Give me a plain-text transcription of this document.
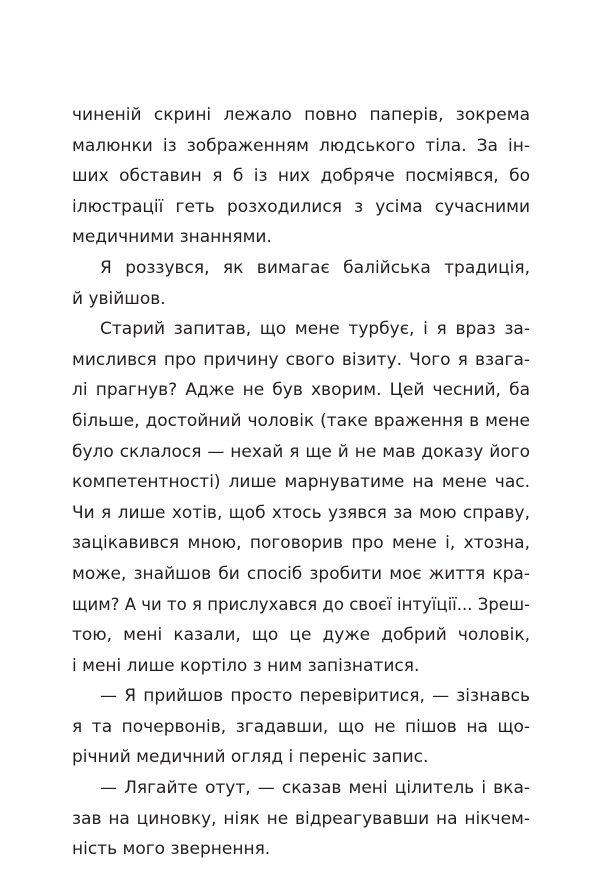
чиненій скрині лежало повно паперів, зокрема
малюнки із зображенням людського тіла. За ін-
ших обставин я б із них добряче посміявся, бо
ілюстрації геть розходилися з усіма сучасними
медичними знаннями.
Я роззувся, як вимагає балійська традиція,
й увійшов.
Старий запитав, що мене турбує, і я враз за-
мислився про причину свого візиту. Чого я взага-
лі прагнув? Адже не був хворим. Цей чесний, ба
більше, достойний чоловік (таке враження в мене
було склалося — нехай я ще й не мав доказу його
компетентності) лише марнуватиме на мене час.
Чи я лише хотів, щоб хтось узявся за мою справу,
зацікавився мною, поговорив про мене і, хтозна,
може, знайшов би спосіб зробити моє життя кра-
щим? А чи то я прислухався до своєї інтуїції... Зреш-
тою, мені казали, що це дуже добрий чоловік,
і мені лише кортіло з ним запізнатися.
— Я прийшов просто перевіритися, — зізнавсь
я та почервонів, згадавши, що не пішов на що-
річний медичний огляд і переніс запис.
— Лягайте отут, — сказав мені цілитель і вка-
зав на циновку, ніяк не відреагувавши на нікчем-
ність мого звернення.
